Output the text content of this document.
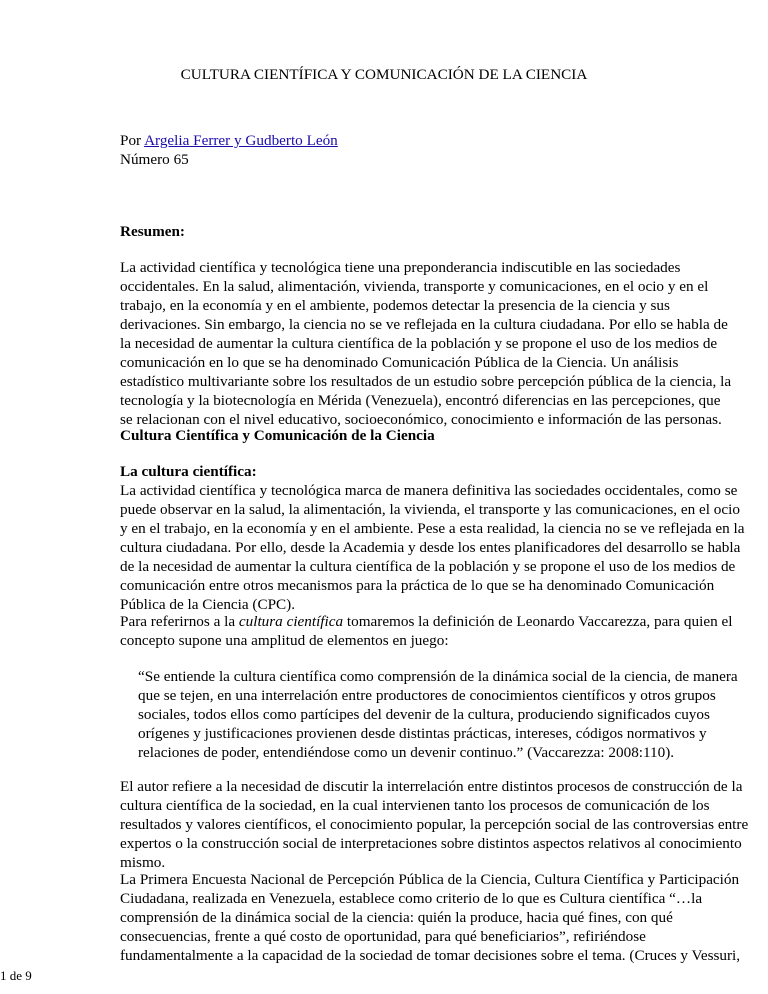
CULTURA CIENTÍFICA Y COMUNICACIÓN DE LA CIENCIA
Por Argelia Ferrer y Gudberto León
Número 65
Resumen:
La actividad científica y tecnológica tiene una preponderancia indiscutible en las sociedades occidentales. En la salud, alimentación, vivienda, transporte y comunicaciones, en el ocio y en el trabajo, en la economía y en el ambiente, podemos detectar la presencia de la ciencia y sus derivaciones. Sin embargo, la ciencia no se ve reflejada en la cultura ciudadana. Por ello se habla de la necesidad de aumentar la cultura científica de la población y se propone el uso de los medios de comunicación en lo que se ha denominado Comunicación Pública de la Ciencia. Un análisis estadístico multivariante sobre los resultados de un estudio sobre percepción pública de la ciencia, la tecnología y la biotecnología en Mérida (Venezuela), encontró diferencias en las percepciones, que se relacionan con el nivel educativo, socioeconómico, conocimiento e información de las personas.
Cultura Científica y Comunicación de la Ciencia
La cultura científica:
La actividad científica y tecnológica marca de manera definitiva las sociedades occidentales, como se puede observar en la salud, la alimentación, la vivienda, el transporte y las comunicaciones, en el ocio y en el trabajo, en la economía y en el ambiente. Pese a esta realidad, la ciencia no se ve reflejada en la cultura ciudadana. Por ello, desde la Academia y desde los entes planificadores del desarrollo se habla de la necesidad de aumentar la cultura científica de la población y se propone el uso de los medios de comunicación entre otros mecanismos para la práctica de lo que se ha denominado Comunicación Pública de la Ciencia (CPC).
Para referirnos a la cultura científica tomaremos la definición de Leonardo Vaccarezza, para quien el concepto supone una amplitud de elementos en juego:
“Se entiende la cultura científica como comprensión de la dinámica social de la ciencia, de manera que se tejen, en una interrelación entre productores de conocimientos científicos y otros grupos sociales, todos ellos como partícipes del devenir de la cultura, produciendo significados cuyos orígenes y justificaciones provienen desde distintas prácticas, intereses, códigos normativos y relaciones de poder, entendiéndose como un devenir continuo.” (Vaccarezza: 2008:110).
El autor refiere a la necesidad de discutir la interrelación entre distintos procesos de construcción de la cultura científica de la sociedad, en la cual intervienen tanto los procesos de comunicación de los resultados y valores científicos, el conocimiento popular, la percepción social de las controversias entre expertos o la construcción social de interpretaciones sobre distintos aspectos relativos al conocimiento mismo.
La Primera Encuesta Nacional de Percepción Pública de la Ciencia, Cultura Científica y Participación Ciudadana, realizada en Venezuela, establece como criterio de lo que es Cultura científica “…la comprensión de la dinámica social de la ciencia: quién la produce, hacia qué fines, con qué consecuencias, frente a qué costo de oportunidad, para qué beneficiarios”, refiriéndose fundamentalmente a la capacidad de la sociedad de tomar decisiones sobre el tema. (Cruces y Vessuri,
1 de 9
